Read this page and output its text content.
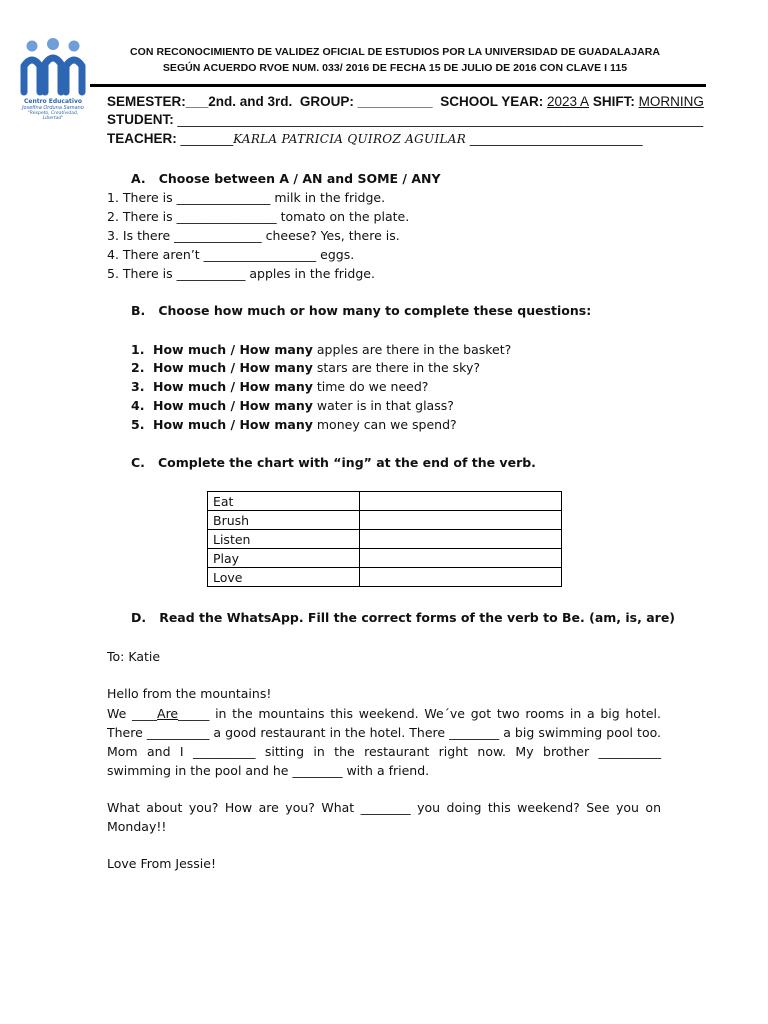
Centro Educativo
Josefina Orduna Samano
"Respeto, Creatividad, Libertad"
CON RECONOCIMIENTO DE VALIDEZ OFICIAL DE ESTUDIOS POR LA UNIVERSIDAD DE GUADALAJARA
SEGÚN ACUERDO RVOE NUM. 033/ 2016 DE FECHA 15 DE JULIO DE 2016 CON CLAVE I 115
SEMESTER:___2nd. and 3rd. GROUP: __________ SCHOOL YEAR: 2023 A SHIFT: MORNING
STUDENT: ______________________________________________________________________
TEACHER: _______KARLA PATRICIA QUIROZ AGUILAR _______________________
A. Choose between A / AN and SOME / ANY
1. There is _______________ milk in the fridge.
2. There is ________________ tomato on the plate.
3. Is there ______________ cheese? Yes, there is.
4. There aren’t __________________ eggs.
5. There is ___________ apples in the fridge.
B. Choose how much or how many to complete these questions:
1. How much / How many apples are there in the basket?
2. How much / How many stars are there in the sky?
3. How much / How many time do we need?
4. How much / How many water is in that glass?
5. How much / How many money can we spend?
C. Complete the chart with “ing” at the end of the verb.
Eat	
Brush	
Listen	
Play	
Love	
D. Read the WhatsApp. Fill the correct forms of the verb to Be. (am, is, are)
To: Katie
Hello from the mountains!
We ____Are_____ in the mountains this weekend. We´ve got two rooms in a big hotel. There __________ a good restaurant in the hotel. There ________ a big swimming pool too. Mom and I __________ sitting in the restaurant right now. My brother __________ swimming in the pool and he ________ with a friend.
What about you? How are you? What ________ you doing this weekend? See you on Monday!!
Love From Jessie!
